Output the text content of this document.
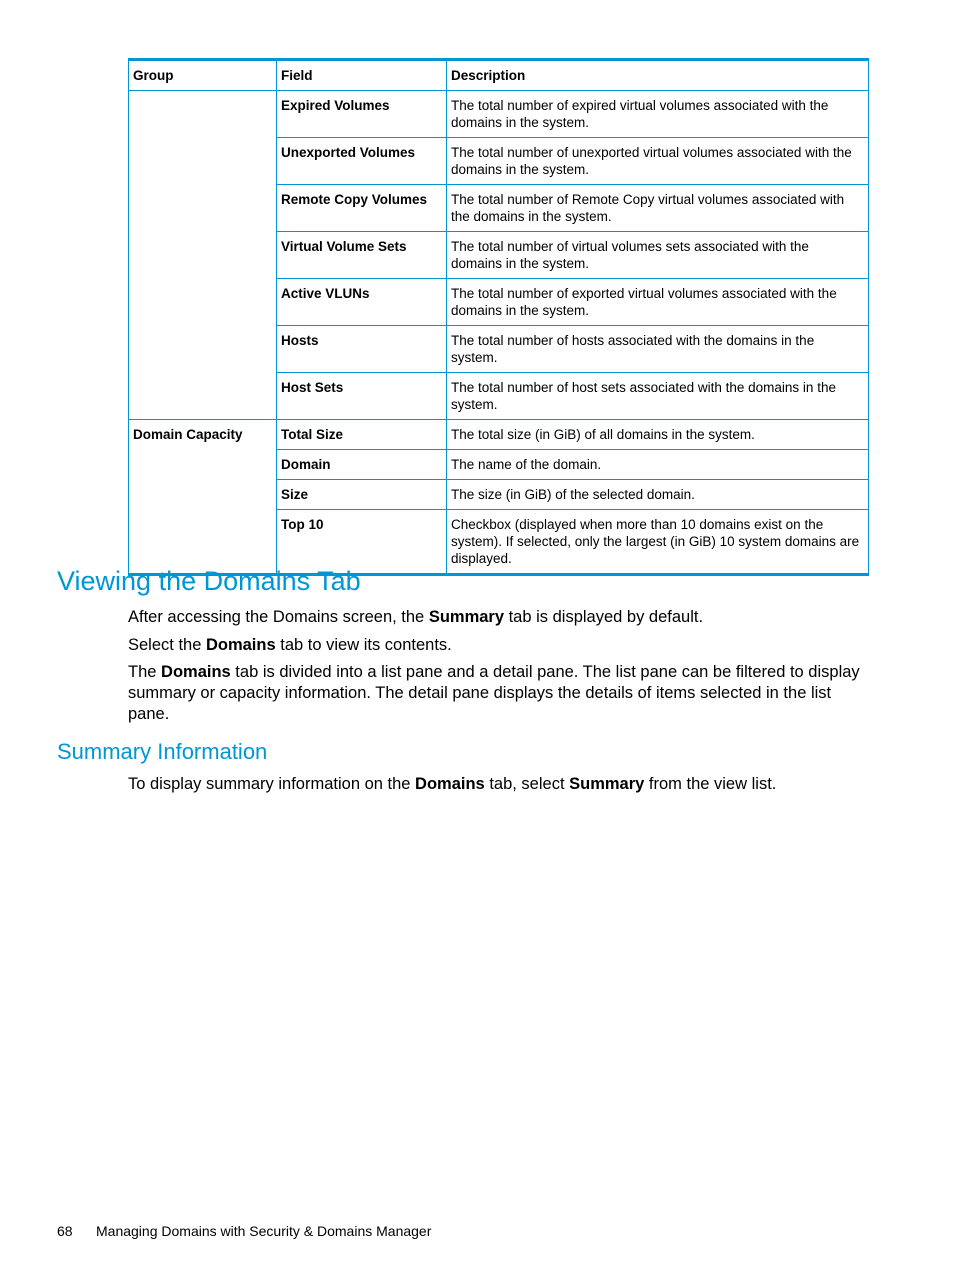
Group	Field	Description
	Expired Volumes	The total number of expired virtual volumes associated with the domains in the system.
	Unexported Volumes	The total number of unexported virtual volumes associated with the domains in the system.
	Remote Copy Volumes	The total number of Remote Copy virtual volumes associated with the domains in the system.
	Virtual Volume Sets	The total number of virtual volumes sets associated with the domains in the system.
	Active VLUNs	The total number of exported virtual volumes associated with the domains in the system.
	Hosts	The total number of hosts associated with the domains in the system.
	Host Sets	The total number of host sets associated with the domains in the system.
Domain Capacity	Total Size	The total size (in GiB) of all domains in the system.
	Domain	The name of the domain.
	Size	The size (in GiB) of the selected domain.
	Top 10	Checkbox (displayed when more than 10 domains exist on the system). If selected, only the largest (in GiB) 10 system domains are displayed.
Viewing the Domains Tab

After accessing the Domains screen, the Summary tab is displayed by default.

Select the Domains tab to view its contents.

The Domains tab is divided into a list pane and a detail pane. The list pane can be filtered to display summary or capacity information. The detail pane displays the details of items selected in the list pane.

Summary Information

To display summary information on the Domains tab, select Summary from the view list.

68 Managing Domains with Security & Domains Manager
